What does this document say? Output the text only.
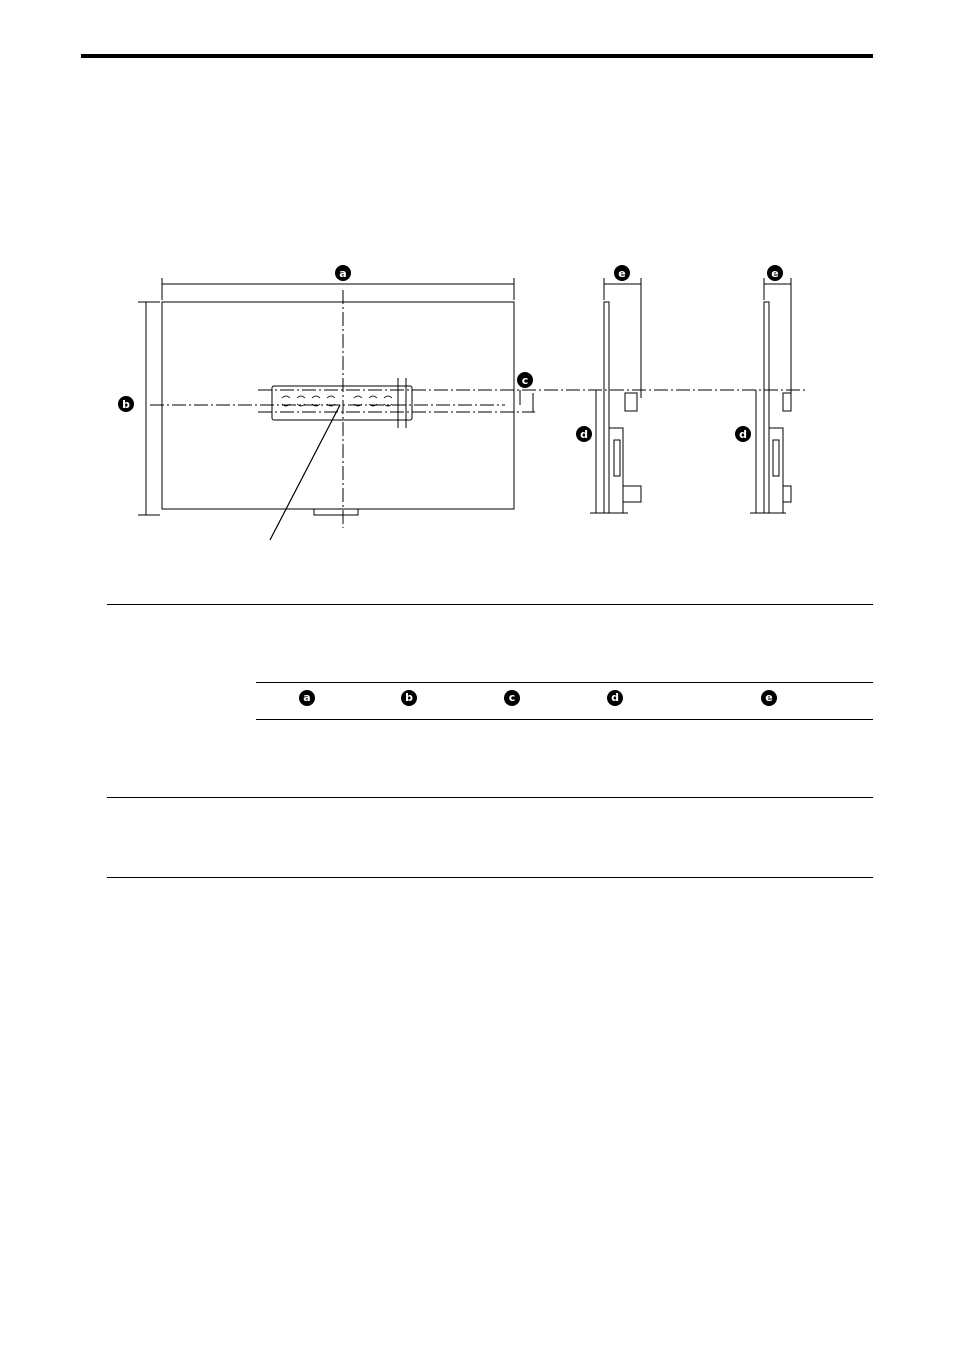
a
b
c
d
e
d
e
a	b	c	d	e
